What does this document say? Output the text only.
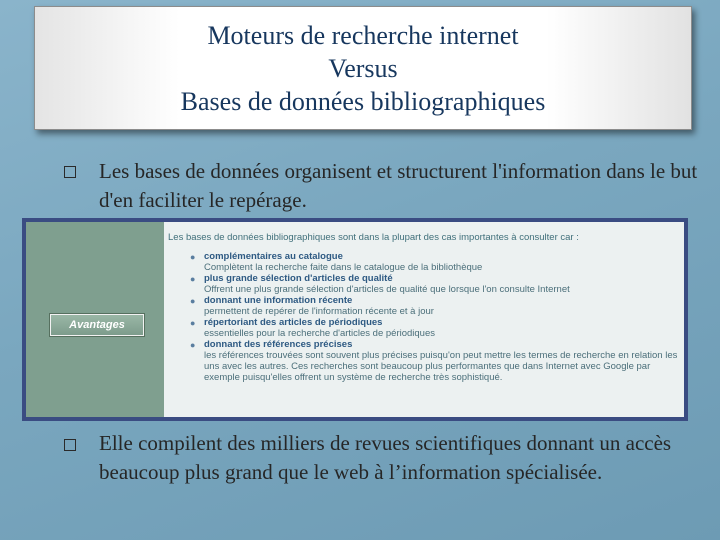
Moteurs de recherche internet
Versus
Bases de données bibliographiques
Les bases de données organisent et structurent l'information dans le but d'en faciliter le repérage.
Avantages
Les bases de données bibliographiques sont dans la plupart des cas importantes à consulter car :
● complémentaires au catalogue
Complètent la recherche faite dans le catalogue de la bibliothèque
● plus grande sélection d'articles de qualité
Offrent une plus grande sélection d'articles de qualité que lorsque l'on consulte Internet
● donnant une information récente
permettent de repérer de l'information récente et à jour
● répertoriant des articles de périodiques
essentielles pour la recherche d'articles de périodiques
● donnant des références précises
les références trouvées sont souvent plus précises puisqu'on peut mettre les termes de recherche en relation les uns avec les autres. Ces recherches sont beaucoup plus performantes que dans Internet avec Google par exemple puisqu'elles offrent un système de recherche très sophistiqué.
Elle compilent des milliers de revues scientifiques donnant un accès beaucoup plus grand que le web à l’information spécialisée.
